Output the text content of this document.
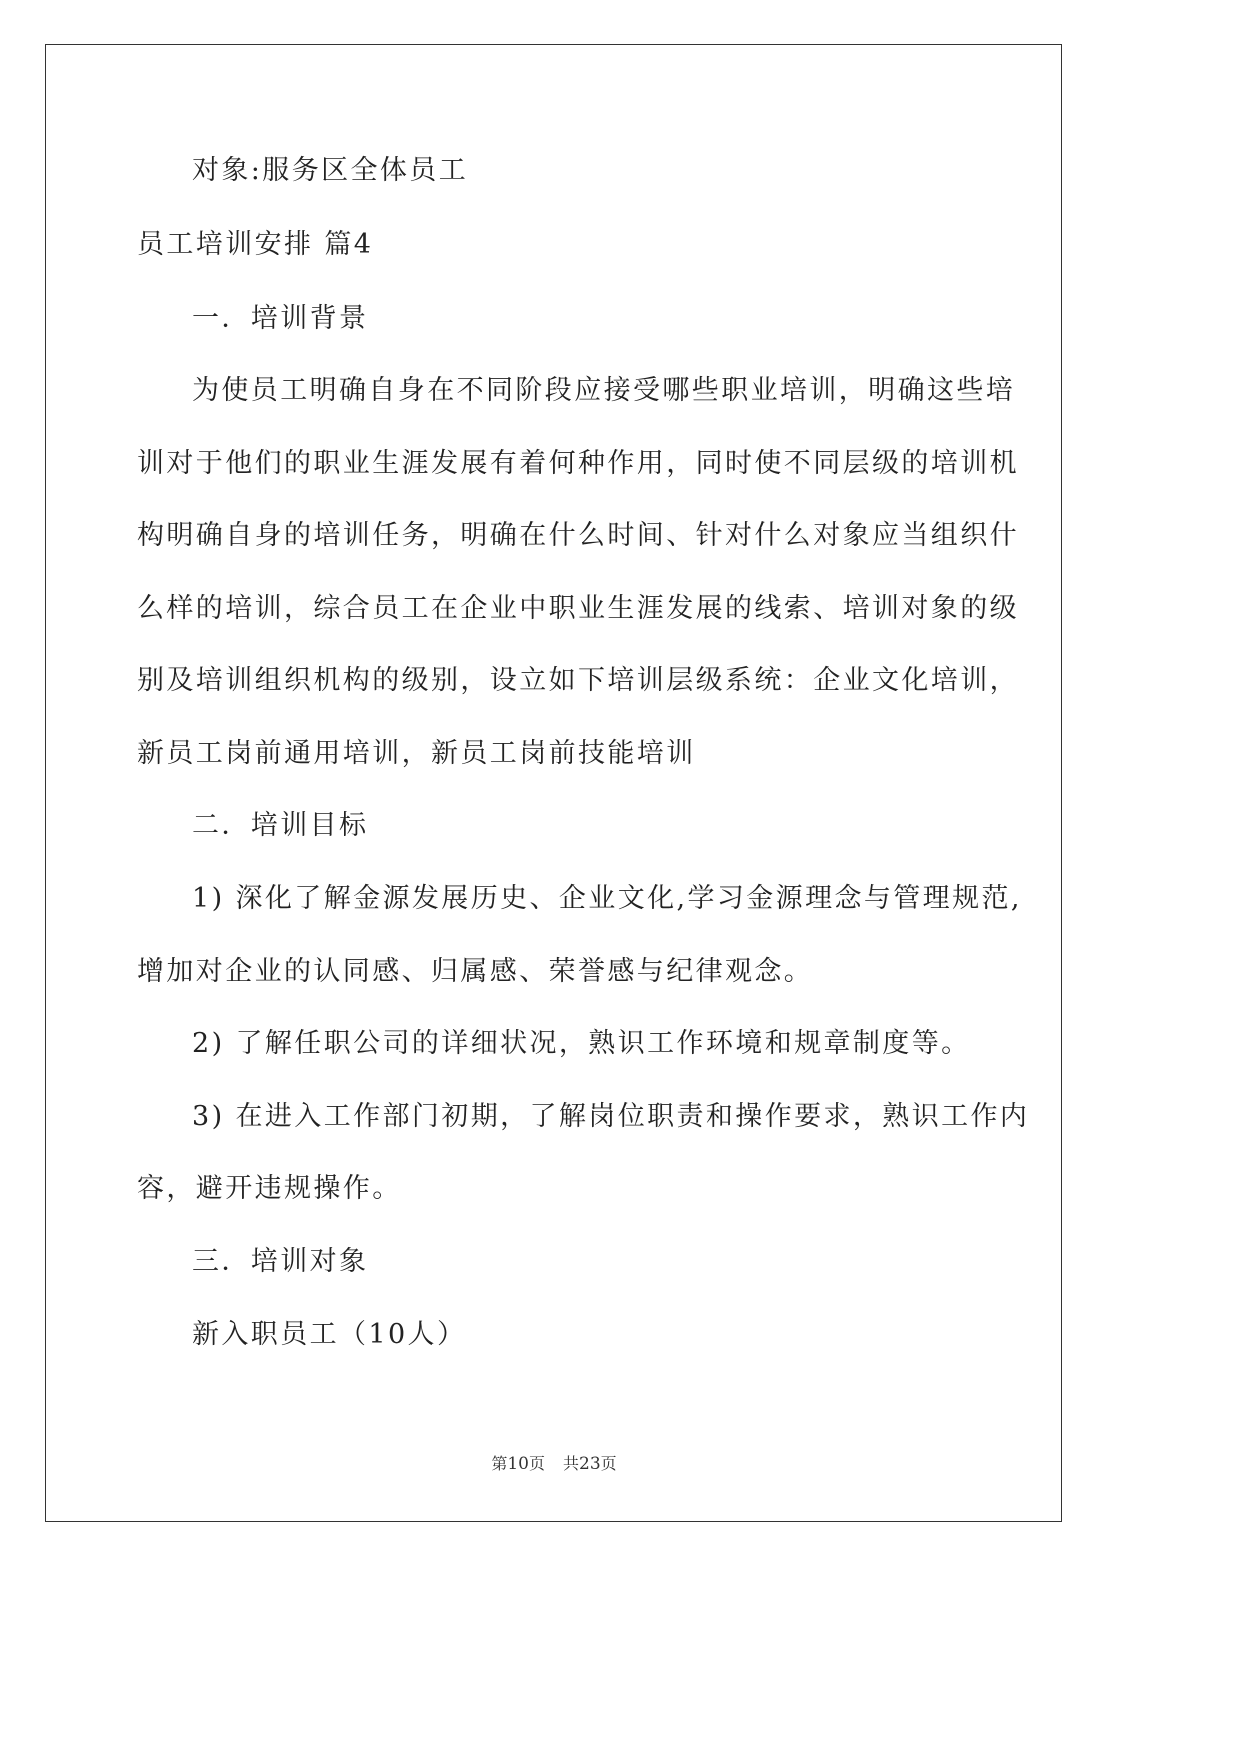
对象:服务区全体员工
员工培训安排 篇4
一．培训背景
为使员工明确自身在不同阶段应接受哪些职业培训，明确这些培
训对于他们的职业生涯发展有着何种作用，同时使不同层级的培训机
构明确自身的培训任务，明确在什么时间、针对什么对象应当组织什
么样的培训，综合员工在企业中职业生涯发展的线索、培训对象的级
别及培训组织机构的级别，设立如下培训层级系统：企业文化培训，
新员工岗前通用培训，新员工岗前技能培训
二．培训目标
1) 深化了解金源发展历史、企业文化,学习金源理念与管理规范,
增加对企业的认同感、归属感、荣誉感与纪律观念。
2) 了解任职公司的详细状况，熟识工作环境和规章制度等。
3) 在进入工作部门初期，了解岗位职责和操作要求，熟识工作内
容，避开违规操作。
三．培训对象
新入职员工（10人）
第10页 共23页
